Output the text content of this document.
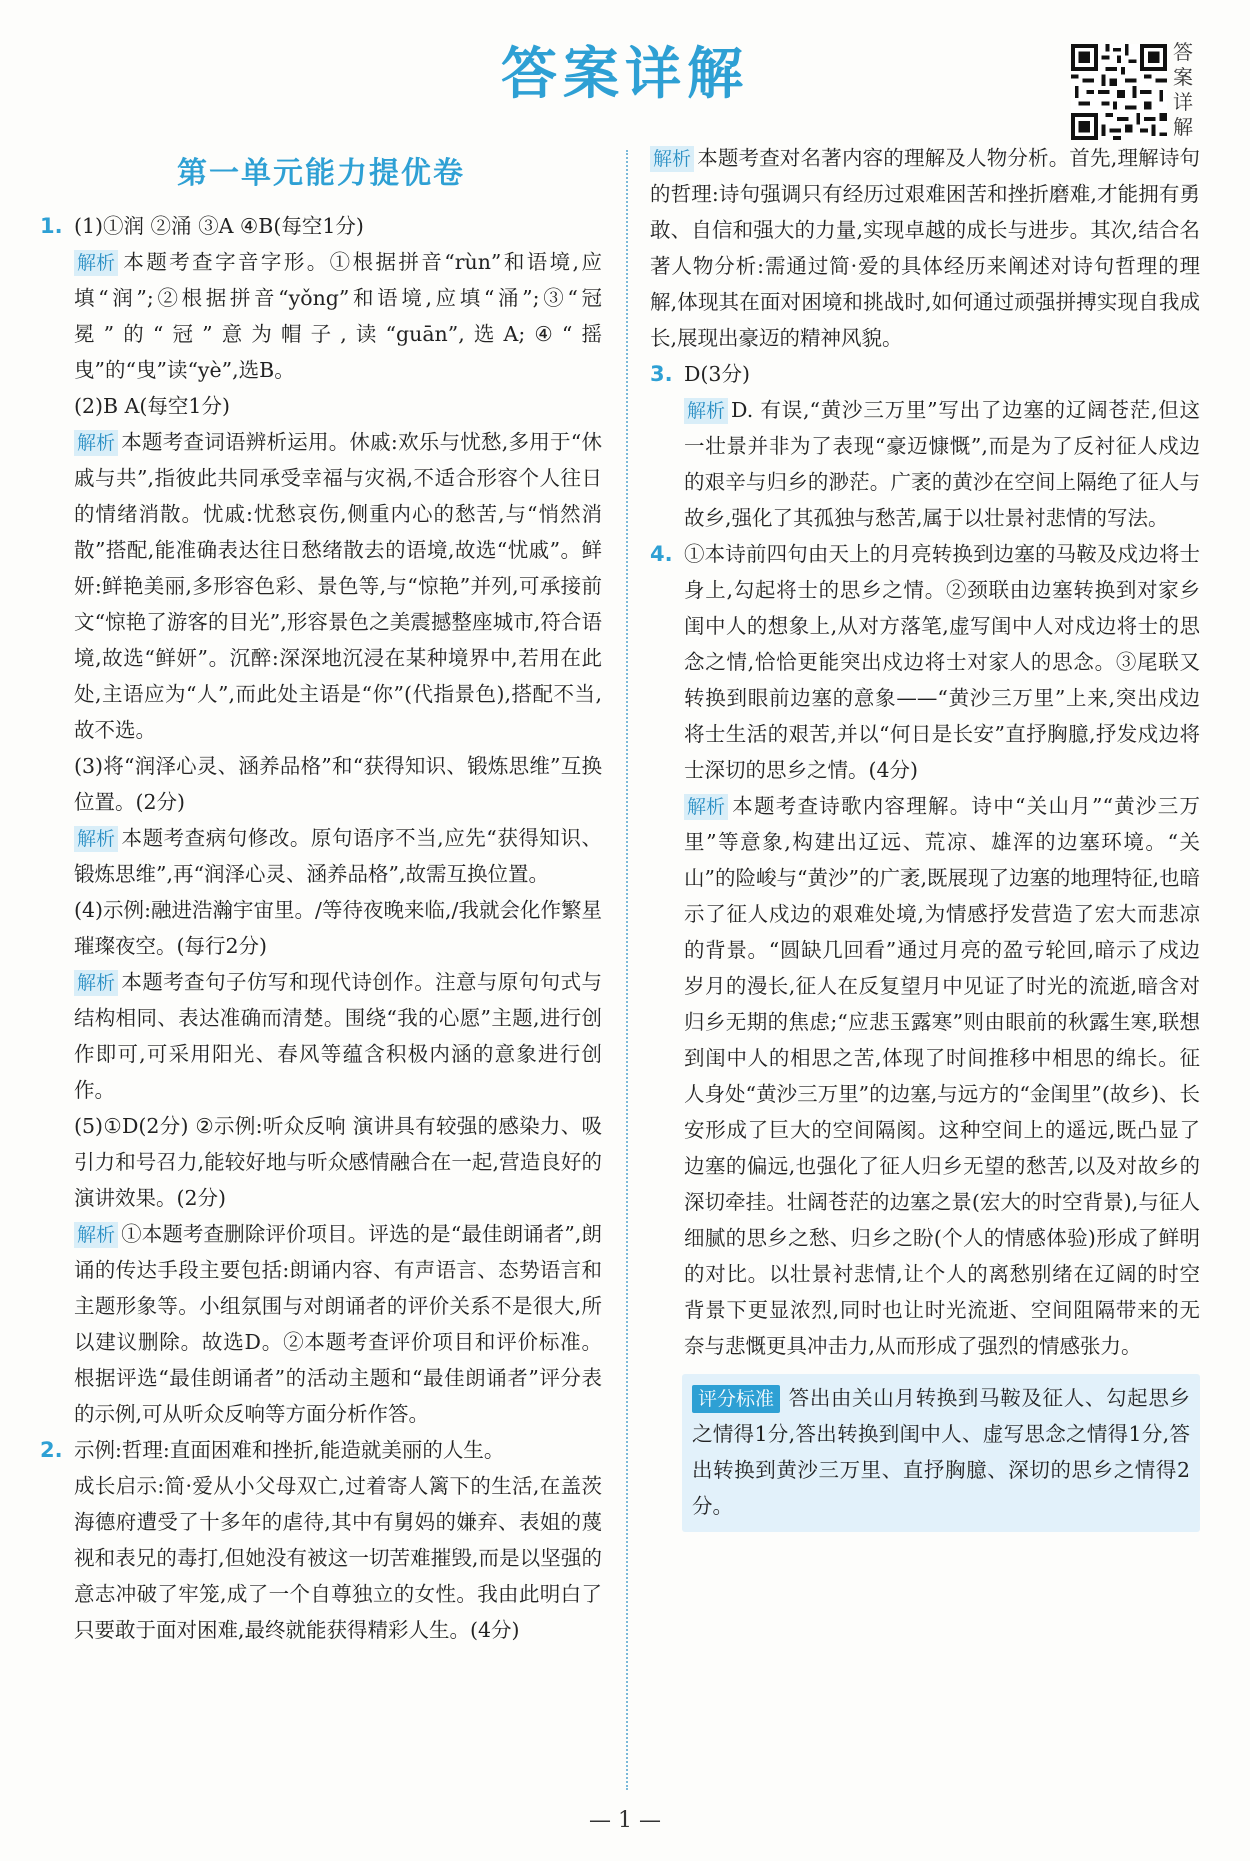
答案详解	答案详解
第一单元能力提优卷
1. (1)①润 ②涌 ③A ④B(每空1分)

解析 本题考查字音字形。①根据拼音“rùn”和语境,应填“润”;②根据拼音“yǒng”和语境,应填“涌”;③“冠冕”的“冠”意为帽子,读“guān”,选A;④“摇曳”的“曳”读“yè”,选B。

(2)B A(每空1分)

解析 本题考查词语辨析运用。休戚:欢乐与忧愁,多用于“休戚与共”,指彼此共同承受幸福与灾祸,不适合形容个人往日的情绪消散。忧戚:忧愁哀伤,侧重内心的愁苦,与“悄然消散”搭配,能准确表达往日愁绪散去的语境,故选“忧戚”。鲜妍:鲜艳美丽,多形容色彩、景色等,与“惊艳”并列,可承接前文“惊艳了游客的目光”,形容景色之美震撼整座城市,符合语境,故选“鲜妍”。沉醉:深深地沉浸在某种境界中,若用在此处,主语应为“人”,而此处主语是“你”(代指景色),搭配不当,故不选。

(3)将“润泽心灵、涵养品格”和“获得知识、锻炼思维”互换位置。(2分)

解析 本题考查病句修改。原句语序不当,应先“获得知识、锻炼思维”,再“润泽心灵、涵养品格”,故需互换位置。

(4)示例:融进浩瀚宇宙里。/等待夜晚来临,/我就会化作繁星璀璨夜空。(每行2分)

解析 本题考查句子仿写和现代诗创作。注意与原句句式与结构相同、表达准确而清楚。围绕“我的心愿”主题,进行创作即可,可采用阳光、春风等蕴含积极内涵的意象进行创作。

(5)①D(2分) ②示例:听众反响 演讲具有较强的感染力、吸引力和号召力,能较好地与听众感情融合在一起,营造良好的演讲效果。(2分)

解析 ①本题考查删除评价项目。评选的是“最佳朗诵者”,朗诵的传达手段主要包括:朗诵内容、有声语言、态势语言和主题形象等。小组氛围与对朗诵者的评价关系不是很大,所以建议删除。故选D。②本题考查评价项目和评价标准。根据评选“最佳朗诵者”的活动主题和“最佳朗诵者”评分表的示例,可从听众反响等方面分析作答。

2. 示例:哲理:直面困难和挫折,能造就美丽的人生。

成长启示:简·爱从小父母双亡,过着寄人篱下的生活,在盖茨海德府遭受了十多年的虐待,其中有舅妈的嫌弃、表姐的蔑视和表兄的毒打,但她没有被这一切苦难摧毁,而是以坚强的意志冲破了牢笼,成了一个自尊独立的女性。我由此明白了只要敢于面对困难,最终就能获得精彩人生。(4分)

解析 本题考查对名著内容的理解及人物分析。首先,理解诗句的哲理:诗句强调只有经历过艰难困苦和挫折磨难,才能拥有勇敢、自信和强大的力量,实现卓越的成长与进步。其次,结合名著人物分析:需通过简·爱的具体经历来阐述对诗句哲理的理解,体现其在面对困境和挑战时,如何通过顽强拼搏实现自我成长,展现出豪迈的精神风貌。

3. D(3分)

解析 D. 有误,“黄沙三万里”写出了边塞的辽阔苍茫,但这一壮景并非为了表现“豪迈慷慨”,而是为了反衬征人戍边的艰辛与归乡的渺茫。广袤的黄沙在空间上隔绝了征人与故乡,强化了其孤独与愁苦,属于以壮景衬悲情的写法。

4. ①本诗前四句由天上的月亮转换到边塞的马鞍及戍边将士身上,勾起将士的思乡之情。②颈联由边塞转换到对家乡闺中人的想象上,从对方落笔,虚写闺中人对戍边将士的思念之情,恰恰更能突出戍边将士对家人的思念。③尾联又转换到眼前边塞的意象——“黄沙三万里”上来,突出戍边将士生活的艰苦,并以“何日是长安”直抒胸臆,抒发戍边将士深切的思乡之情。(4分)

解析 本题考查诗歌内容理解。诗中“关山月”“黄沙三万里”等意象,构建出辽远、荒凉、雄浑的边塞环境。“关山”的险峻与“黄沙”的广袤,既展现了边塞的地理特征,也暗示了征人戍边的艰难处境,为情感抒发营造了宏大而悲凉的背景。“圆缺几回看”通过月亮的盈亏轮回,暗示了戍边岁月的漫长,征人在反复望月中见证了时光的流逝,暗含对归乡无期的焦虑;“应悲玉露寒”则由眼前的秋露生寒,联想到闺中人的相思之苦,体现了时间推移中相思的绵长。征人身处“黄沙三万里”的边塞,与远方的“金闺里”(故乡)、长安形成了巨大的空间隔阂。这种空间上的遥远,既凸显了边塞的偏远,也强化了征人归乡无望的愁苦,以及对故乡的深切牵挂。壮阔苍茫的边塞之景(宏大的时空背景),与征人细腻的思乡之愁、归乡之盼(个人的情感体验)形成了鲜明的对比。以壮景衬悲情,让个人的离愁别绪在辽阔的时空背景下更显浓烈,同时也让时光流逝、空间阻隔带来的无奈与悲慨更具冲击力,从而形成了强烈的情感张力。

评分标准 答出由关山月转换到马鞍及征人、勾起思乡之情得1分,答出转换到闺中人、虚写思念之情得1分,答出转换到黄沙三万里、直抒胸臆、深切的思乡之情得2分。

— 1 —
